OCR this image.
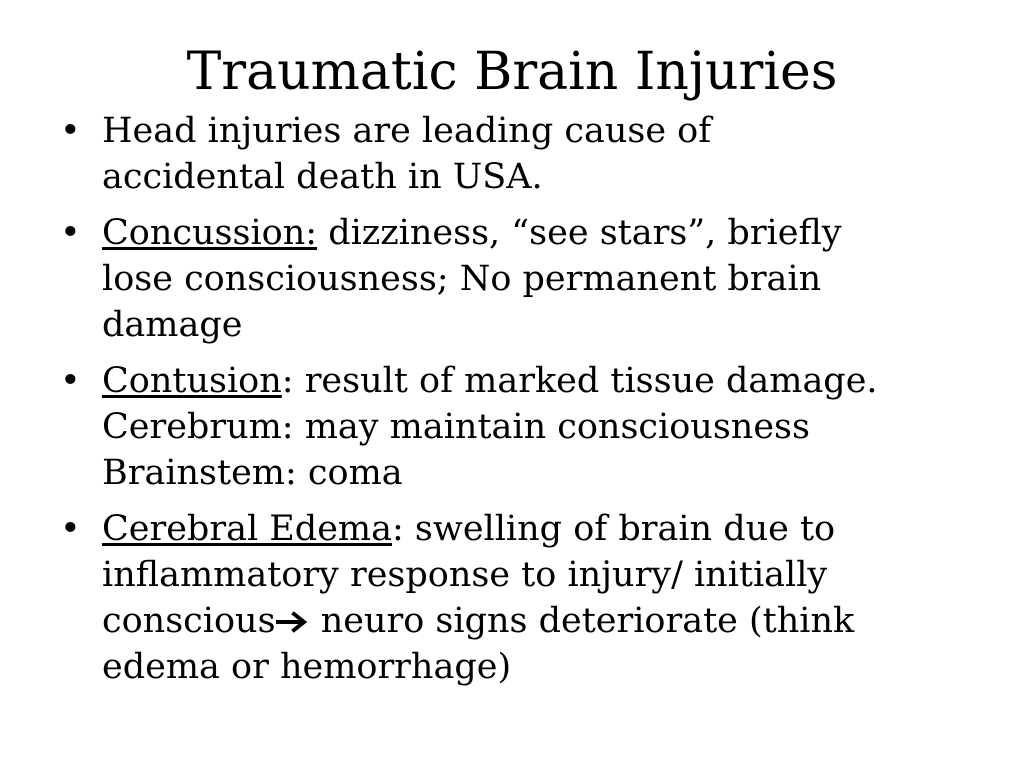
Traumatic Brain Injuries
• Head injuries are leading cause of
accidental death in USA.
• Concussion: dizziness, “see stars”, briefly
lose consciousness; No permanent brain
damage
• Contusion: result of marked tissue damage.
Cerebrum: may maintain consciousness
Brainstem: coma
• Cerebral Edema: swelling of brain due to
inflammatory response to injury/ initially
conscious neuro signs deteriorate (think
edema or hemorrhage)
